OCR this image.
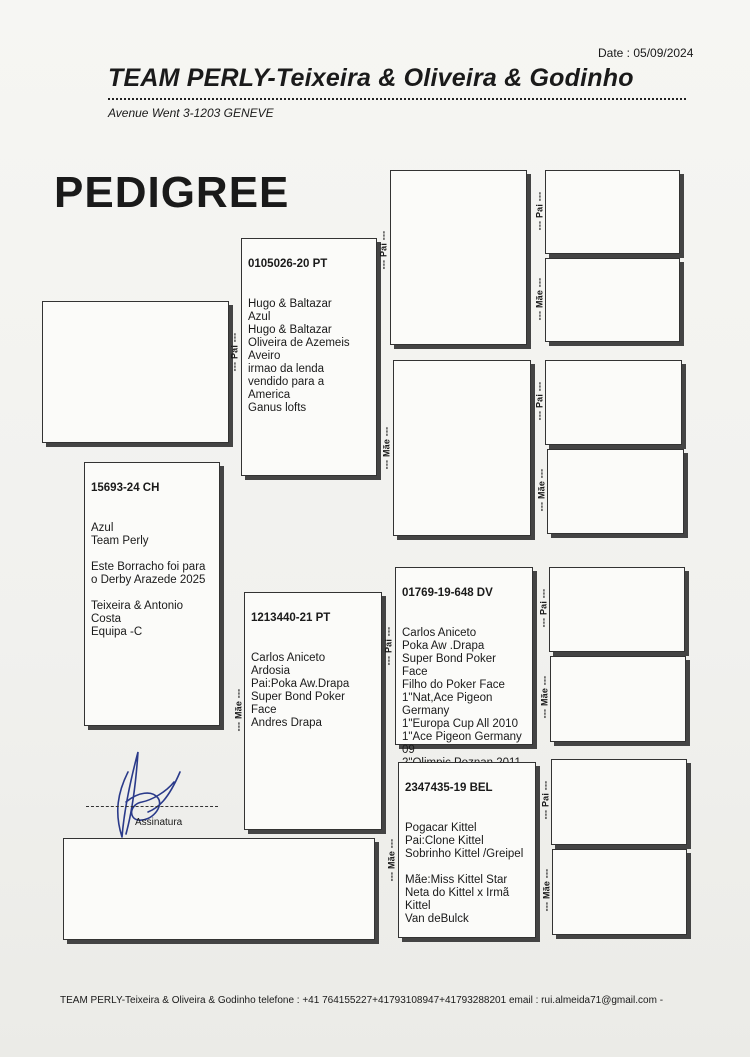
Date : 05/09/2024
TEAM PERLY-Teixeira & Oliveira & Godinho
Avenue Went 3-1203 GENEVE
PEDIGREE

15693-24 CH

Azul
Team Perly

Este Borracho foi para
o Derby Arazede 2025

Teixeira & Antonio
Costa
Equipa -C

0105026-20 PT

Hugo & Baltazar
Azul
Hugo & Baltazar
Oliveira de Azemeis
Aveiro
irmao da lenda
vendido para a
America
Ganus lofts

--- Pai ---

1213440-21 PT

Carlos Aniceto
Ardosia
Pai:Poka Aw.Drapa
Super Bond Poker
Face
Andres Drapa

--- Mãe ---
--- Pai ---
--- Mãe ---

01769-19-648 DV

Carlos Aniceto
Poka Aw .Drapa
Super Bond Poker
Face
Filho do Poker Face
1"Nat,Ace Pigeon
Germany
1"Europa Cup All 2010
1"Ace Pigeon Germany
09

--- Pai ---

2347435-19 BEL

Pogacar Kittel
Pai:Clone Kittel
Sobrinho Kittel /Greipel

Mãe:Miss Kittel Star
Neta do Kittel x Irmã
Kittel
Van deBulck

--- Mãe ---
--- Pai ---
--- Mãe ---
--- Pai ---
--- Mãe ---
--- Pai ---
--- Mãe ---
--- Pai ---
--- Mãe ---
Assinatura
TEAM PERLY-Teixeira & Oliveira & Godinho telefone : +41 764155227+41793108947+41793288201 email : rui.almeida71@gmail.com -
